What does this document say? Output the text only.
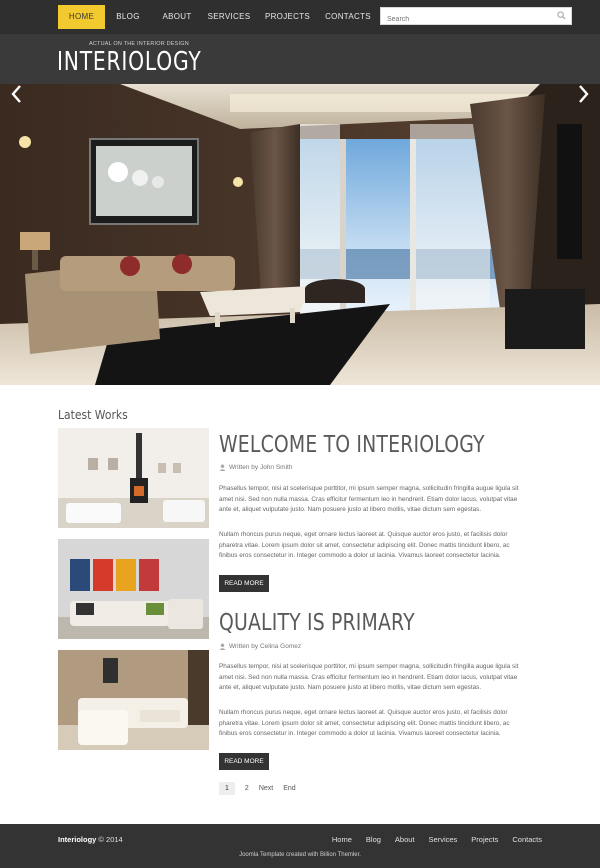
HOME	BLOG	ABOUT	SERVICES	PROJECTS	CONTACTS
Search
ACTUAL ON THE INTERIOR DESIGN
INTERIOLOGY
Latest Works
WELCOME TO INTERIOLOGY
Written by John Smith

Phasellus tempor, nisi at scelerisque porttitor, mi ipsum semper magna, sollicitudin fringilla augue ligula sit amet nisi. Sed non nulla massa. Cras efficitur fermentum leo in hendrerit. Etiam dolor lacus, volutpat vitae ante et, aliquet vulputate justo. Nam posuere justo at libero mollis, vitae dictum sem egestas.

Nullam rhoncus purus neque, eget ornare lectus laoreet at. Quisque auctor eros justo, et facilisis dolor pharetra vitae. Lorem ipsum dolor sit amet, consectetur adipiscing elit. Donec mattis tincidunt libero, ac finibus eros consectetur in. Integer commodo a dolor ut lacinia. Vivamus laoreet consectetur lacinia.

READ MORE
QUALITY IS PRIMARY
Written by Celina Gomez

Phasellus tempor, nisi at scelerisque porttitor, mi ipsum semper magna, sollicitudin fringilla augue ligula sit amet nisi. Sed non nulla massa. Cras efficitur fermentum leo in hendrerit. Etiam dolor lacus, volutpat vitae ante et, aliquet vulputate justo. Nam posuere justo at libero mollis, vitae dictum sem egestas.

Nullam rhoncus purus neque, eget ornare lectus laoreet at. Quisque auctor eros justo, et facilisis dolor pharetra vitae. Lorem ipsum dolor sit amet, consectetur adipiscing elit. Donec mattis tincidunt libero, ac finibus eros consectetur in. Integer commodo a dolor ut lacinia. Vivamus laoreet consectetur lacinia.

READ MORE
1	2 Next End
Interiology © 2014	Home Blog About Services Projects Contacts
Joomla Template created with Billion Themler.
